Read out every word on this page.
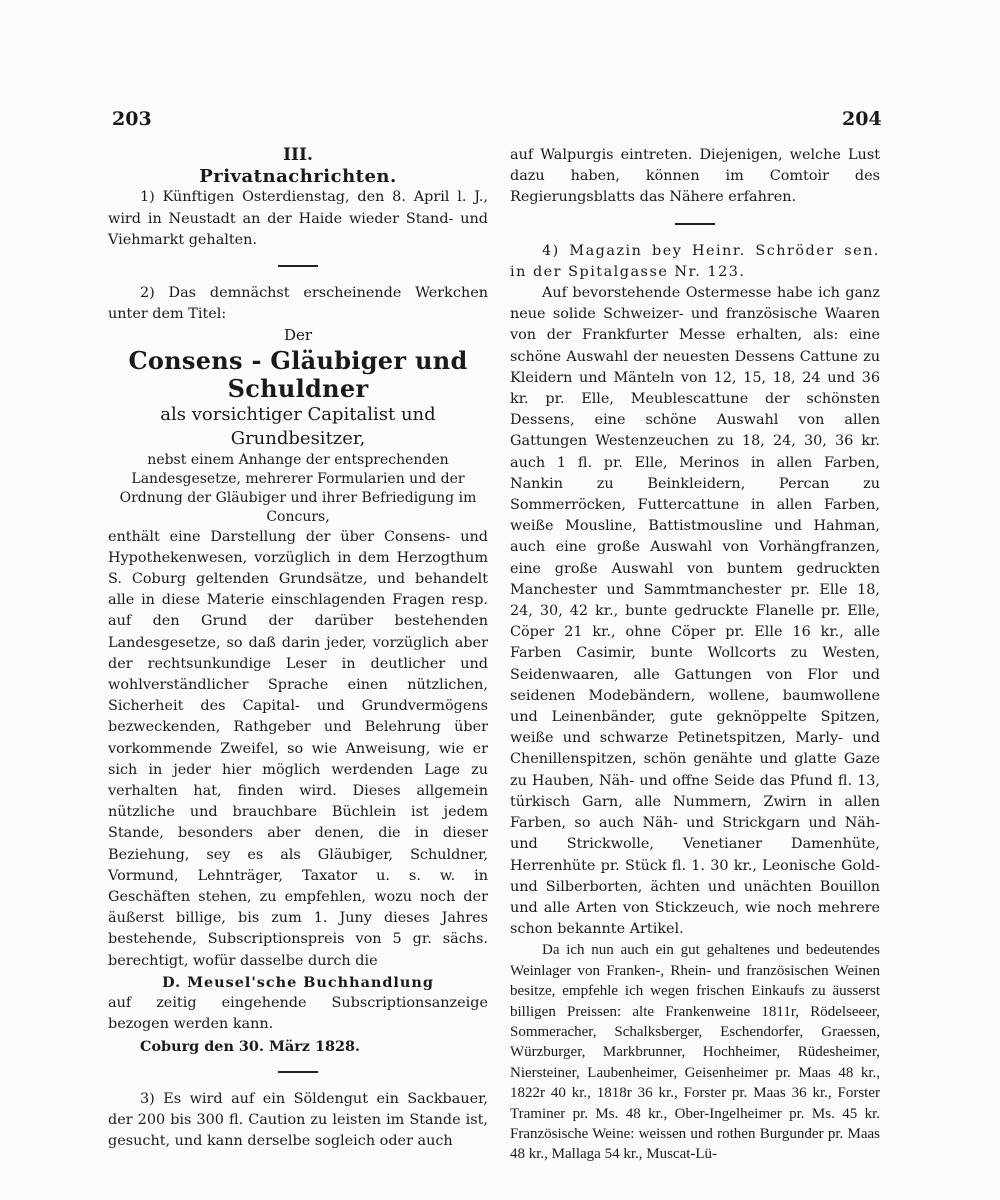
203	204

III.

Privatnachrichten.

1) Künftigen Osterdienstag, den 8. April l. J., wird in Neustadt an der Haide wieder Stand- und Viehmarkt gehalten.

2) Das demnächst erscheinende Werkchen unter dem Titel:

Der

Consens - Gläubiger und Schuldner

als vorsichtiger Capitalist und Grundbesitzer,

nebst einem Anhange der entsprechenden Landesgesetze, mehrerer Formularien und der Ordnung der Gläubiger und ihrer Befriedigung im Concurs,

enthält eine Darstellung der über Consens- und Hypothekenwesen, vorzüglich in dem Herzogthum S. Coburg geltenden Grundsätze, und behandelt alle in diese Materie einschlagenden Fragen resp. auf den Grund der darüber bestehenden Landesgesetze, so daß darin jeder, vorzüglich aber der rechtsunkundige Leser in deutlicher und wohlverständlicher Sprache einen nützlichen, Sicherheit des Capital- und Grundvermögens bezweckenden, Rathgeber und Belehrung über vorkommende Zweifel, so wie Anweisung, wie er sich in jeder hier möglich werdenden Lage zu verhalten hat, finden wird. Dieses allgemein nützliche und brauchbare Büchlein ist jedem Stande, besonders aber denen, die in dieser Beziehung, sey es als Gläubiger, Schuldner, Vormund, Lehnträger, Taxator u. s. w. in Geschäften stehen, zu empfehlen, wozu noch der äußerst billige, bis zum 1. Juny dieses Jahres bestehende, Subscriptionspreis von 5 gr. sächs. berechtigt, wofür dasselbe durch die

D. Meusel'sche Buchhandlung

auf zeitig eingehende Subscriptionsanzeige bezogen werden kann.

Coburg den 30. März 1828.

3) Es wird auf ein Söldengut ein Sackbauer, der 200 bis 300 fl. Caution zu leisten im Stande ist, gesucht, und kann derselbe sogleich oder auch

auf Walpurgis eintreten. Diejenigen, welche Lust dazu haben, können im Comtoir des Regierungsblatts das Nähere erfahren.

4) Magazin bey Heinr. Schröder sen. in der Spitalgasse Nr. 123.

Auf bevorstehende Ostermesse habe ich ganz neue solide Schweizer- und französische Waaren von der Frankfurter Messe erhalten, als: eine schöne Auswahl der neuesten Dessens Cattune zu Kleidern und Mänteln von 12, 15, 18, 24 und 36 kr. pr. Elle, Meublescattune der schönsten Dessens, eine schöne Auswahl von allen Gattungen Westenzeuchen zu 18, 24, 30, 36 kr. auch 1 fl. pr. Elle, Merinos in allen Farben, Nankin zu Beinkleidern, Percan zu Sommerröcken, Futtercattune in allen Farben, weiße Mousline, Battistmousline und Hahman, auch eine große Auswahl von Vorhängfranzen, eine große Auswahl von buntem gedruckten Manchester und Sammtmanchester pr. Elle 18, 24, 30, 42 kr., bunte gedruckte Flanelle pr. Elle, Cöper 21 kr., ohne Cöper pr. Elle 16 kr., alle Farben Casimir, bunte Wollcorts zu Westen, Seidenwaaren, alle Gattungen von Flor und seidenen Modebändern, wollene, baumwollene und Leinenbänder, gute geknöppelte Spitzen, weiße und schwarze Petinetspitzen, Marly- und Chenillenspitzen, schön genähte und glatte Gaze zu Hauben, Näh- und offne Seide das Pfund fl. 13, türkisch Garn, alle Nummern, Zwirn in allen Farben, so auch Näh- und Strickgarn und Näh- und Strickwolle, Venetianer Damenhüte, Herrenhüte pr. Stück fl. 1. 30 kr., Leonische Gold- und Silberborten, ächten und unächten Bouillon und alle Arten von Stickzeuch, wie noch mehrere schon bekannte Artikel.

Da ich nun auch ein gut gehaltenes und bedeutendes Weinlager von Franken-, Rhein- und französischen Weinen besitze, empfehle ich wegen frischen Einkaufs zu äusserst billigen Preissen: alte Frankenweine 1811r, Rödelseeer, Sommeracher, Schalksberger, Eschendorfer, Graessen, Würzburger, Markbrunner, Hochheimer, Rüdesheimer, Niersteiner, Laubenheimer, Geisenheimer pr. Maas 48 kr., 1822r 40 kr., 1818r 36 kr., Forster pr. Maas 36 kr., Forster Traminer pr. Ms. 48 kr., Ober-Ingelheimer pr. Ms. 45 kr. Französische Weine: weissen und rothen Burgunder pr. Maas 48 kr., Mallaga 54 kr., Muscat-Lü-
